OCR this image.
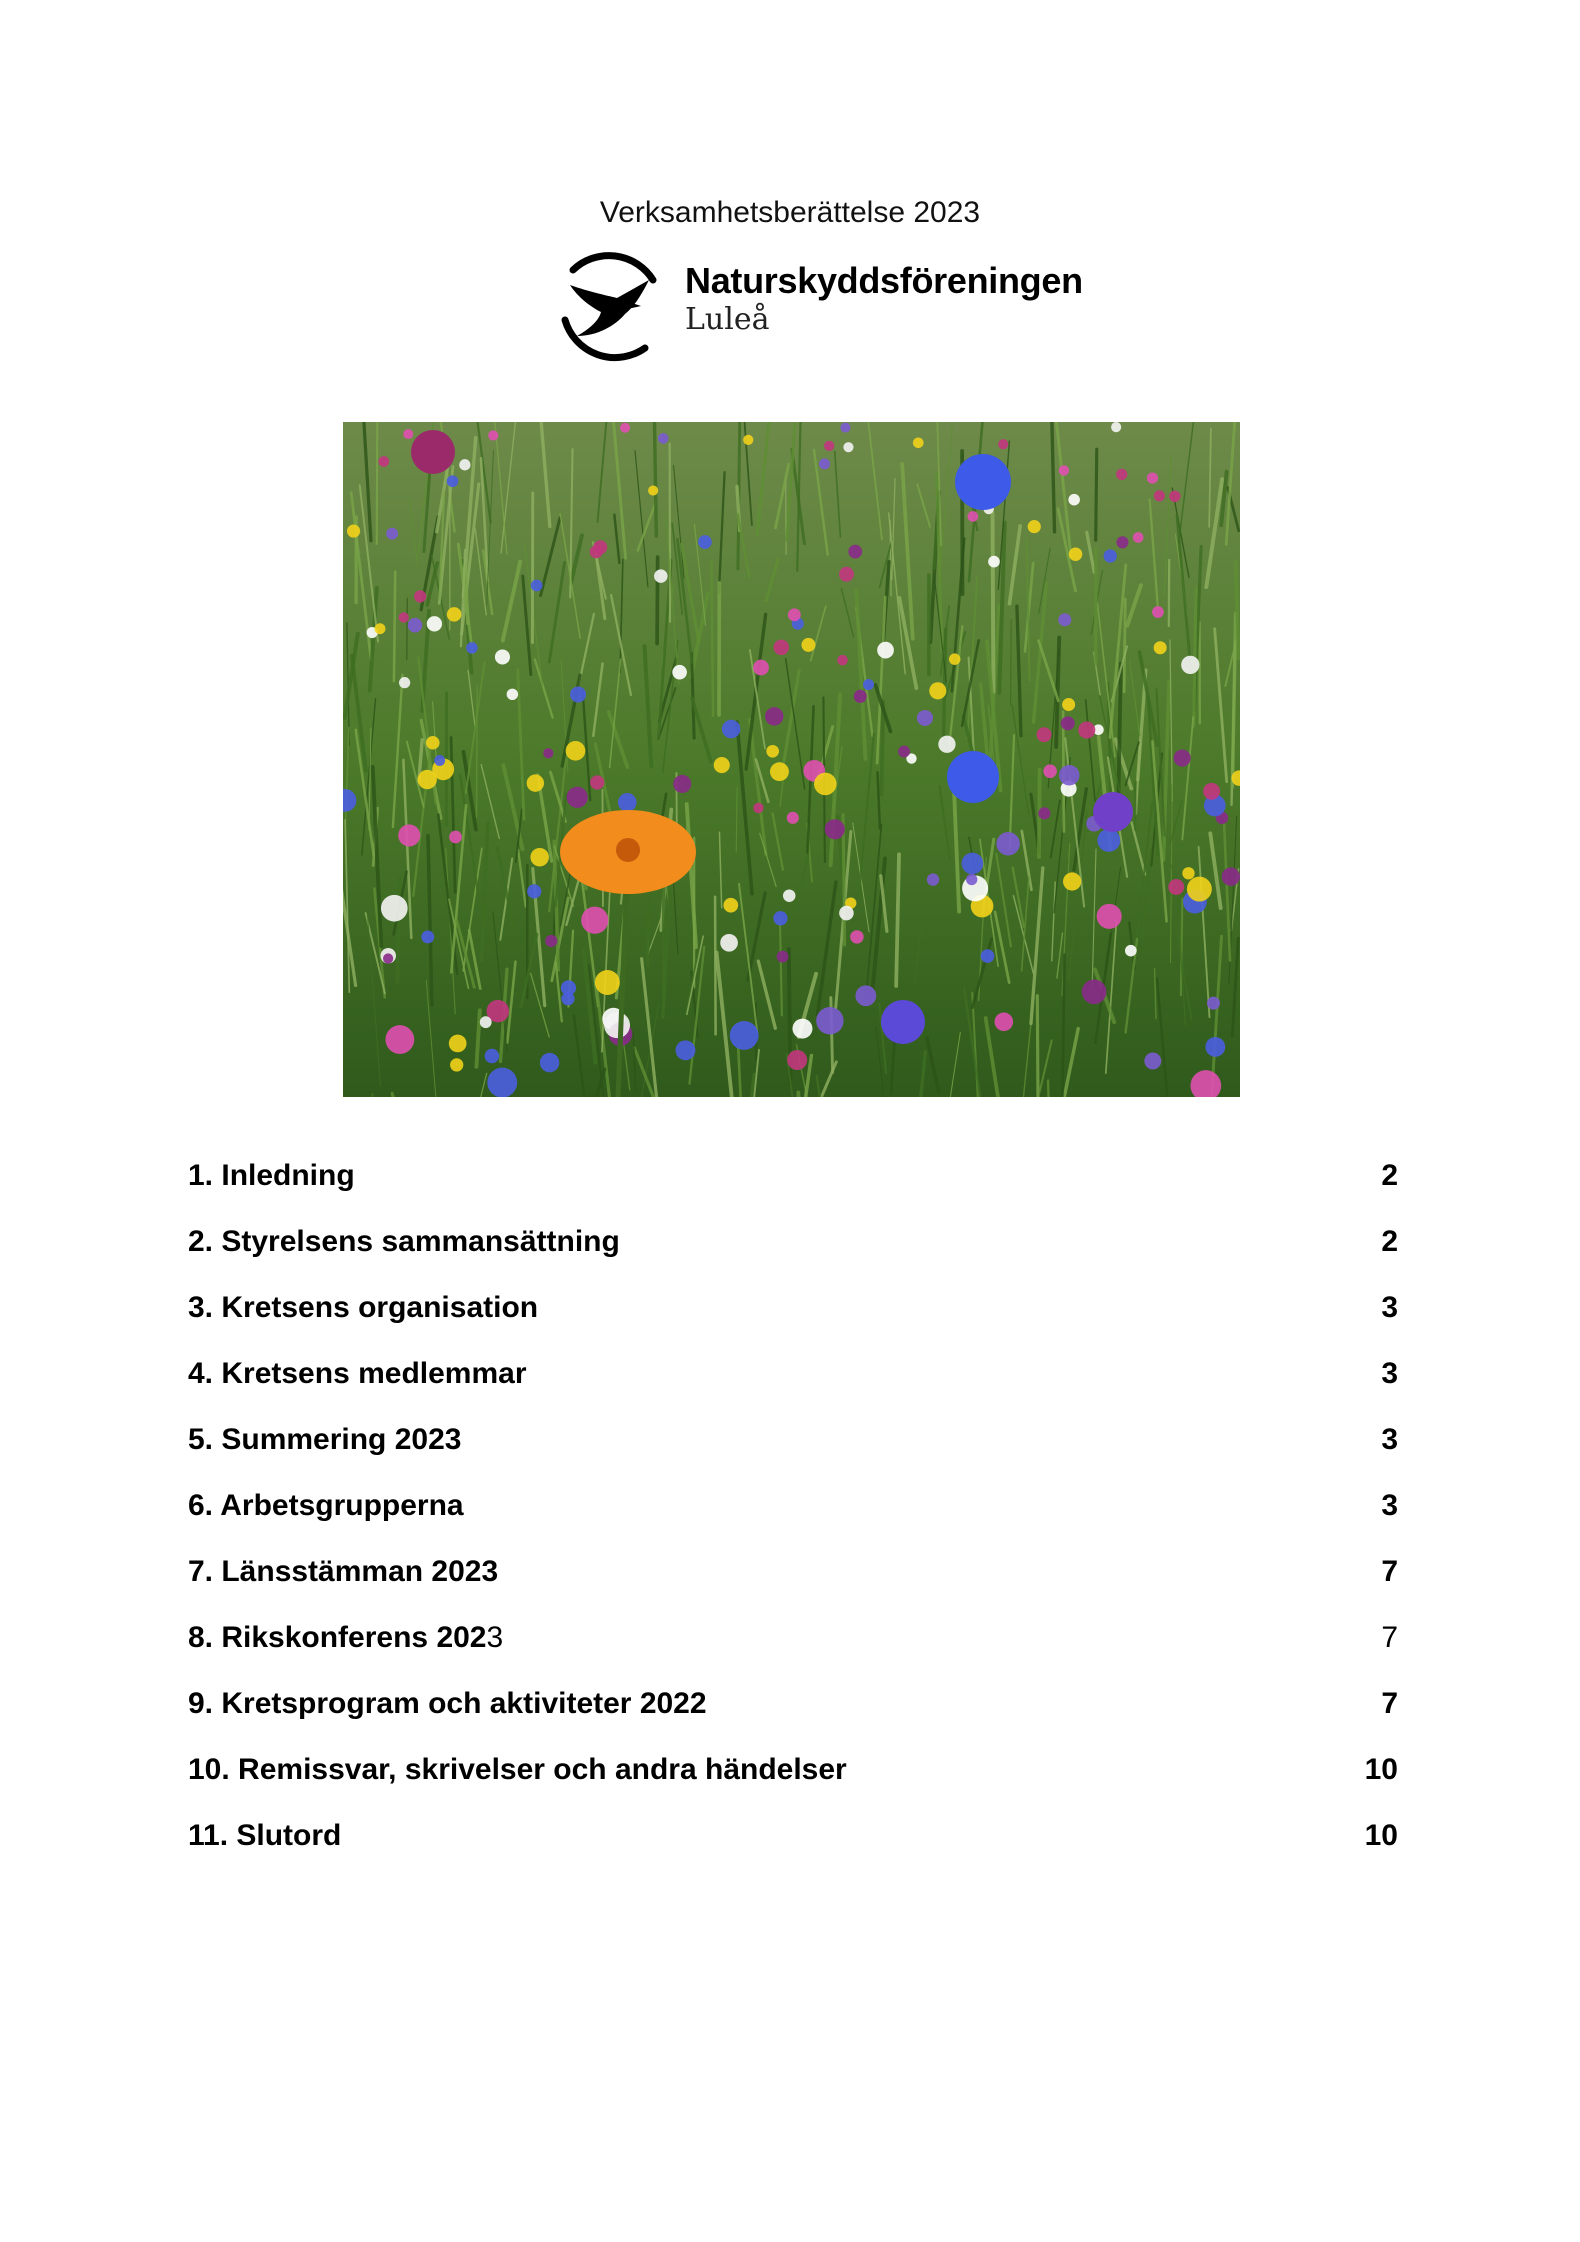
Verksamhetsberättelse 2023
Naturskyddsföreningen
Luleå
1. Inledning	2
2. Styrelsens sammansättning	2
3. Kretsens organisation	3
4. Kretsens medlemmar	3
5. Summering 2023	3
6. Arbetsgrupperna	3
7. Länsstämman 2023	7
8. Rikskonferens 2023	7
9. Kretsprogram och aktiviteter 2022	7
10. Remissvar, skrivelser och andra händelser	10
11. Slutord	10
